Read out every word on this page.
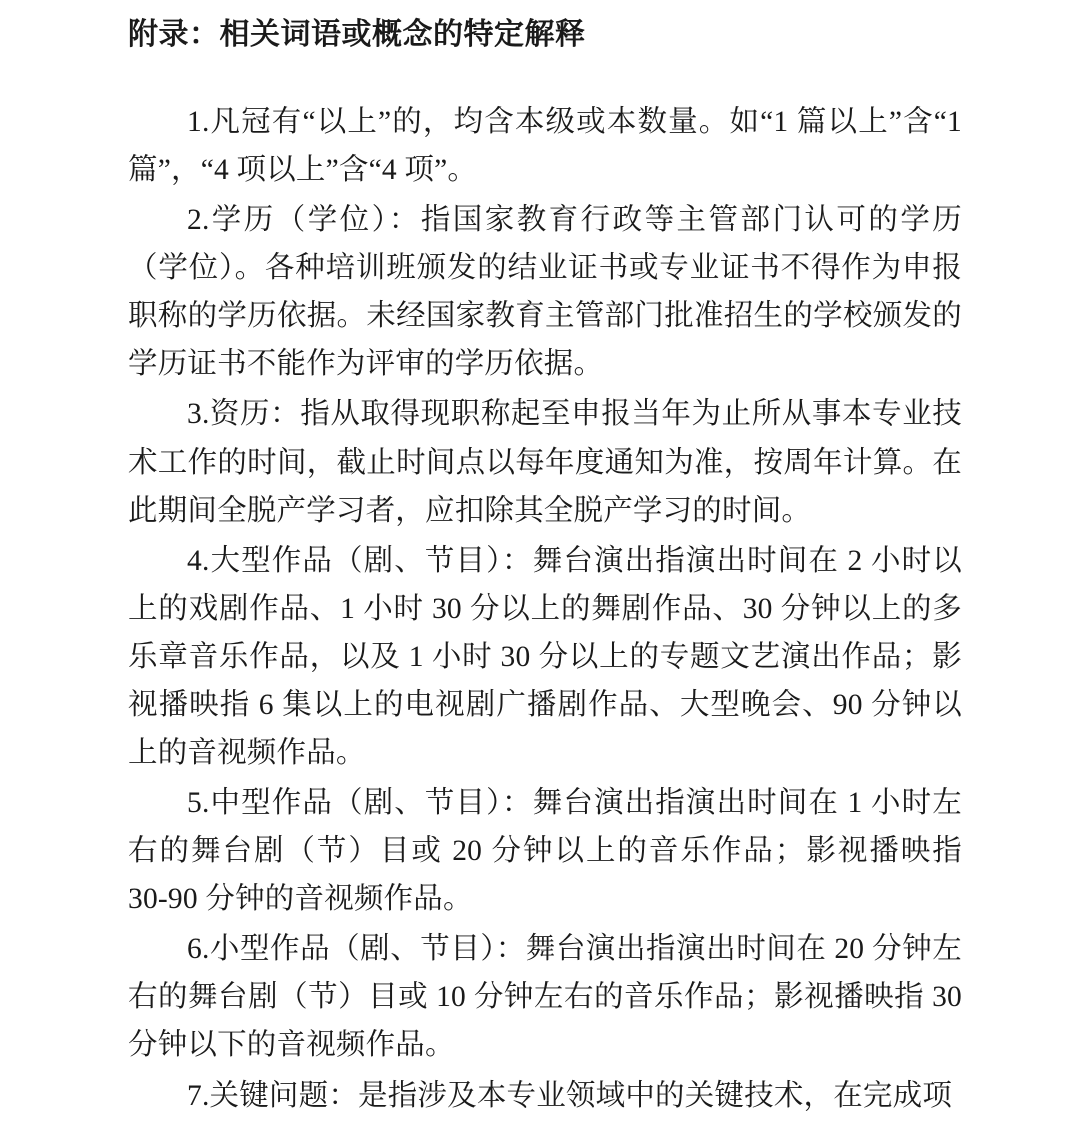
附录：相关词语或概念的特定解释

1.凡冠有“以上”的，均含本级或本数量。如“1 篇以上”含“1 篇”，“4 项以上”含“4 项”。

2.学历（学位）：指国家教育行政等主管部门认可的学历（学位）。各种培训班颁发的结业证书或专业证书不得作为申报职称的学历依据。未经国家教育主管部门批准招生的学校颁发的学历证书不能作为评审的学历依据。

3.资历：指从取得现职称起至申报当年为止所从事本专业技术工作的时间，截止时间点以每年度通知为准，按周年计算。在此期间全脱产学习者，应扣除其全脱产学习的时间。

4.大型作品（剧、节目）：舞台演出指演出时间在 2 小时以上的戏剧作品、1 小时 30 分以上的舞剧作品、30 分钟以上的多乐章音乐作品，以及 1 小时 30 分以上的专题文艺演出作品；影视播映指 6 集以上的电视剧广播剧作品、大型晚会、90 分钟以上的音视频作品。

5.中型作品（剧、节目）：舞台演出指演出时间在 1 小时左右的舞台剧（节）目或 20 分钟以上的音乐作品；影视播映指 30-90 分钟的音视频作品。

6.小型作品（剧、节目）：舞台演出指演出时间在 20 分钟左右的舞台剧（节）目或 10 分钟左右的音乐作品；影视播映指 30 分钟以下的音视频作品。

7.关键问题：是指涉及本专业领域中的关键技术，在完成项
